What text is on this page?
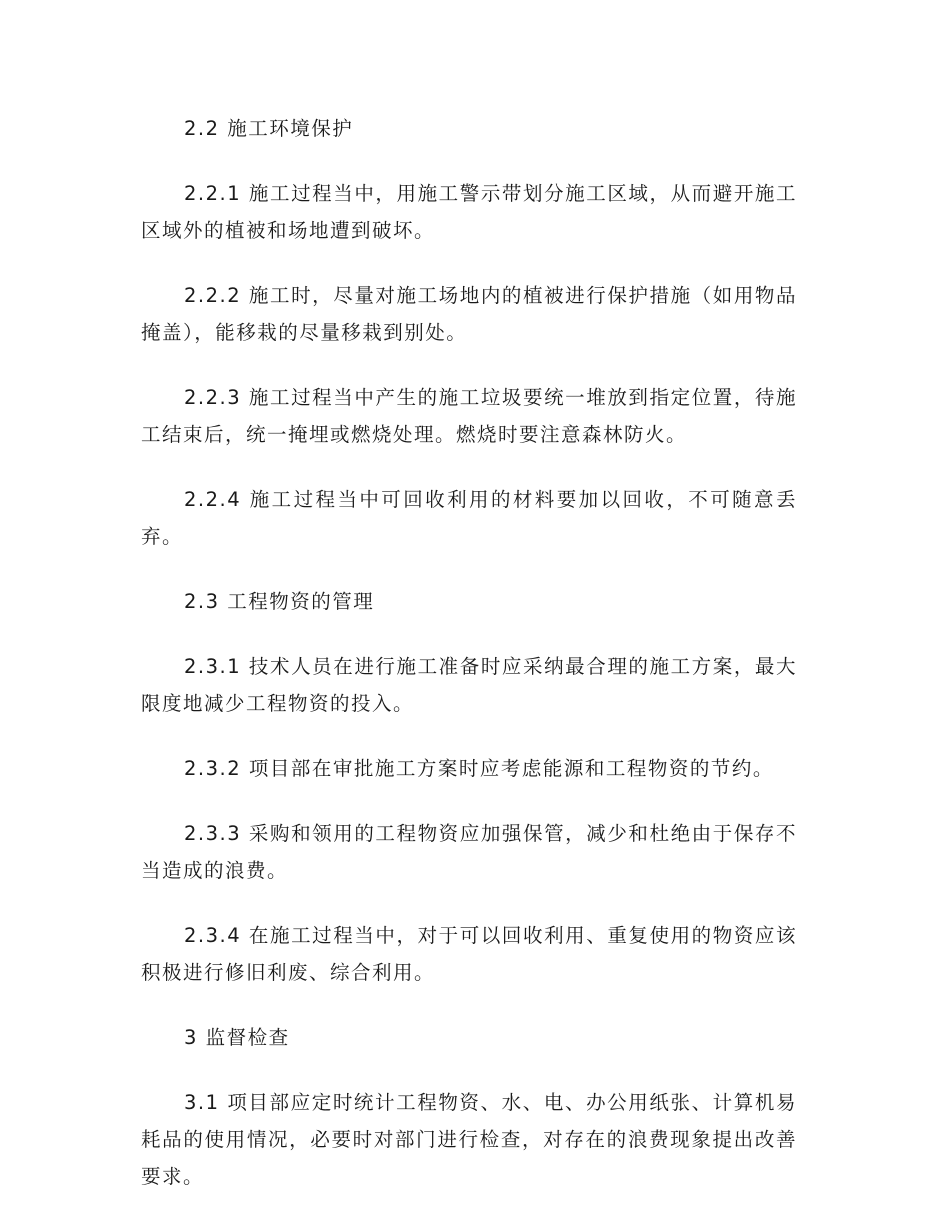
2.2 施工环境保护

2.2.1 施工过程当中，用施工警示带划分施工区域，从而避开施工区域外的植被和场地遭到破坏。

2.2.2 施工时，尽量对施工场地内的植被进行保护措施（如用物品掩盖），能移栽的尽量移栽到别处。

2.2.3 施工过程当中产生的施工垃圾要统一堆放到指定位置，待施工结束后，统一掩埋或燃烧处理。燃烧时要注意森林防火。

2.2.4 施工过程当中可回收利用的材料要加以回收，不可随意丢弃。

2.3 工程物资的管理

2.3.1 技术人员在进行施工准备时应采纳最合理的施工方案，最大限度地减少工程物资的投入。

2.3.2 项目部在审批施工方案时应考虑能源和工程物资的节约。

2.3.3 采购和领用的工程物资应加强保管，减少和杜绝由于保存不当造成的浪费。

2.3.4 在施工过程当中，对于可以回收利用、重复使用的物资应该积极进行修旧利废、综合利用。

3 监督检查

3.1 项目部应定时统计工程物资、水、电、办公用纸张、计算机易耗品的使用情况，必要时对部门进行检查，对存在的浪费现象提出改善要求。
